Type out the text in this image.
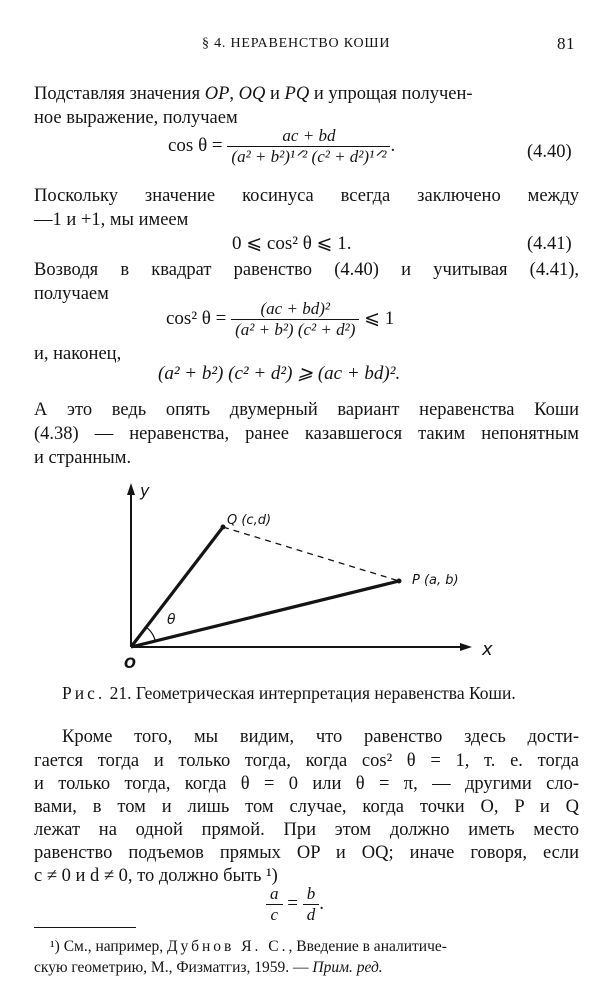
§ 4. НЕРАВЕНСТВО КОШИ	81
Подставляя значения OP, OQ и PQ и упрощая получен-
ное выражение, получаем
$\cos \theta = \frac{ac + bd}{\text{(a² + b²)¹ᐟ² (c² + d²)¹ᐟ²}}$ .	(4.40)
Поскольку значение косинуса всегда заключено между
—1 и +1, мы имеем
0 ⩽ cos² θ ⩽ 1.	(4.41)
Возводя в квадрат равенство (4.40) и учитывая (4.41),
получаем
cos² $\theta = \frac{\text{(ac + bd)²}}{\text{(a² + b²) (c² + d²)}}$ ⩽ 1
и, наконец,
(a² + b²) (c² + d²) ⩾ (ac + bd)².
А это ведь опять двумерный вариант неравенства Коши
(4.38) — неравенства, ранее казавшегося таким непонятным
и странным.
y
x
O
Q (c,d)
P (a, b)
θ
Рис. 21. Геометрическая интерпретация неравенства Коши.
Кроме того, мы видим, что равенство здесь дости-
гается тогда и только тогда, когда cos² θ = 1, т. е. тогда
и только тогда, когда θ = 0 или θ = π, — другими сло-
вами, в том и лишь том случае, когда точки O, P и Q
лежат на одной прямой. При этом должно иметь место
равенство подъемов прямых OP и OQ; иначе говоря, если
c ≠ 0 и d ≠ 0, то должно быть ¹)
$\frac{a}{c} = \frac{b}{d}$ .
¹) См., например, Дубнов Я. С., Введение в аналитиче-
скую геометрию, М., Физматгиз, 1959. — Прим. ред.
